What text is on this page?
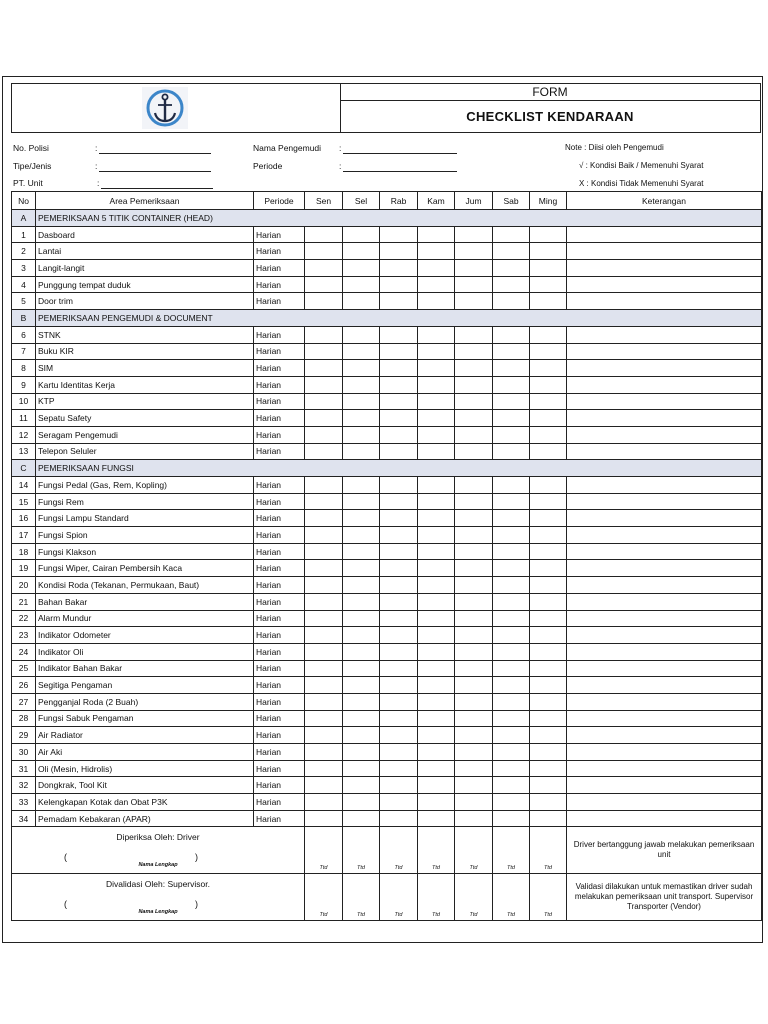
FORM
CHECKLIST KENDARAAN
No. Polisi	:
Tipe/Jenis	:
PT. Unit	:
Nama Pengemudi :
Periode	:
Note : Diisi oleh Pengemudi
√ : Kondisi Baik / Memenuhi Syarat
X : Kondisi Tidak Memenuhi Syarat
No	Area Pemeriksaan	Periode	Sen	Sel	Rab	Kam	Jum	Sab	Ming	Keterangan
A	PEMERIKSAAN 5 TITIK CONTAINER (HEAD)									
1	Dasboard	Harian								
2	Lantai	Harian								
3	Langit-langit	Harian								
4	Punggung tempat duduk	Harian								
5	Door trim	Harian								
B	PEMERIKSAAN PENGEMUDI & DOCUMENT									
6	STNK	Harian								
7	Buku KIR	Harian								
8	SIM	Harian								
9	Kartu Identitas Kerja	Harian								
10	KTP	Harian								
11	Sepatu Safety	Harian								
12	Seragam Pengemudi	Harian								
13	Telepon Seluler	Harian								
C	PEMERIKSAAN FUNGSI									
14	Fungsi Pedal (Gas, Rem, Kopling)	Harian								
15	Fungsi Rem	Harian								
16	Fungsi Lampu Standard	Harian								
17	Fungsi Spion	Harian								
18	Fungsi Klakson	Harian								
19	Fungsi Wiper, Cairan Pembersih Kaca	Harian								
20	Kondisi Roda (Tekanan, Permukaan, Baut)	Harian								
21	Bahan Bakar	Harian								
22	Alarm Mundur	Harian								
23	Indikator Odometer	Harian								
24	Indikator Oli	Harian								
25	Indikator Bahan Bakar	Harian								
26	Segitiga Pengaman	Harian								
27	Pengganjal Roda (2 Buah)	Harian								
28	Fungsi Sabuk Pengaman	Harian								
29	Air Radiator	Harian								
30	Air Aki	Harian								
31	Oli (Mesin, Hidrolis)	Harian								
32	Dongkrak, Tool Kit	Harian								
33	Kelengkapan Kotak dan Obat P3K	Harian								
34	Pemadam Kebakaran (APAR)	Harian								

Diperiksa Oleh: Driver
( )
Nama Lengkap			Ttd	Ttd	Ttd	Ttd	Ttd	Ttd	Ttd	Driver bertanggung jawab melakukan pemeriksaan unit

Divalidasi Oleh: Supervisor.
( )
Nama Lengkap			Ttd	Ttd	Ttd	Ttd	Ttd	Ttd	Ttd	Validasi dilakukan untuk memastikan driver sudah melakukan pemeriksaan unit transport. Supervisor Transporter (Vendor)
